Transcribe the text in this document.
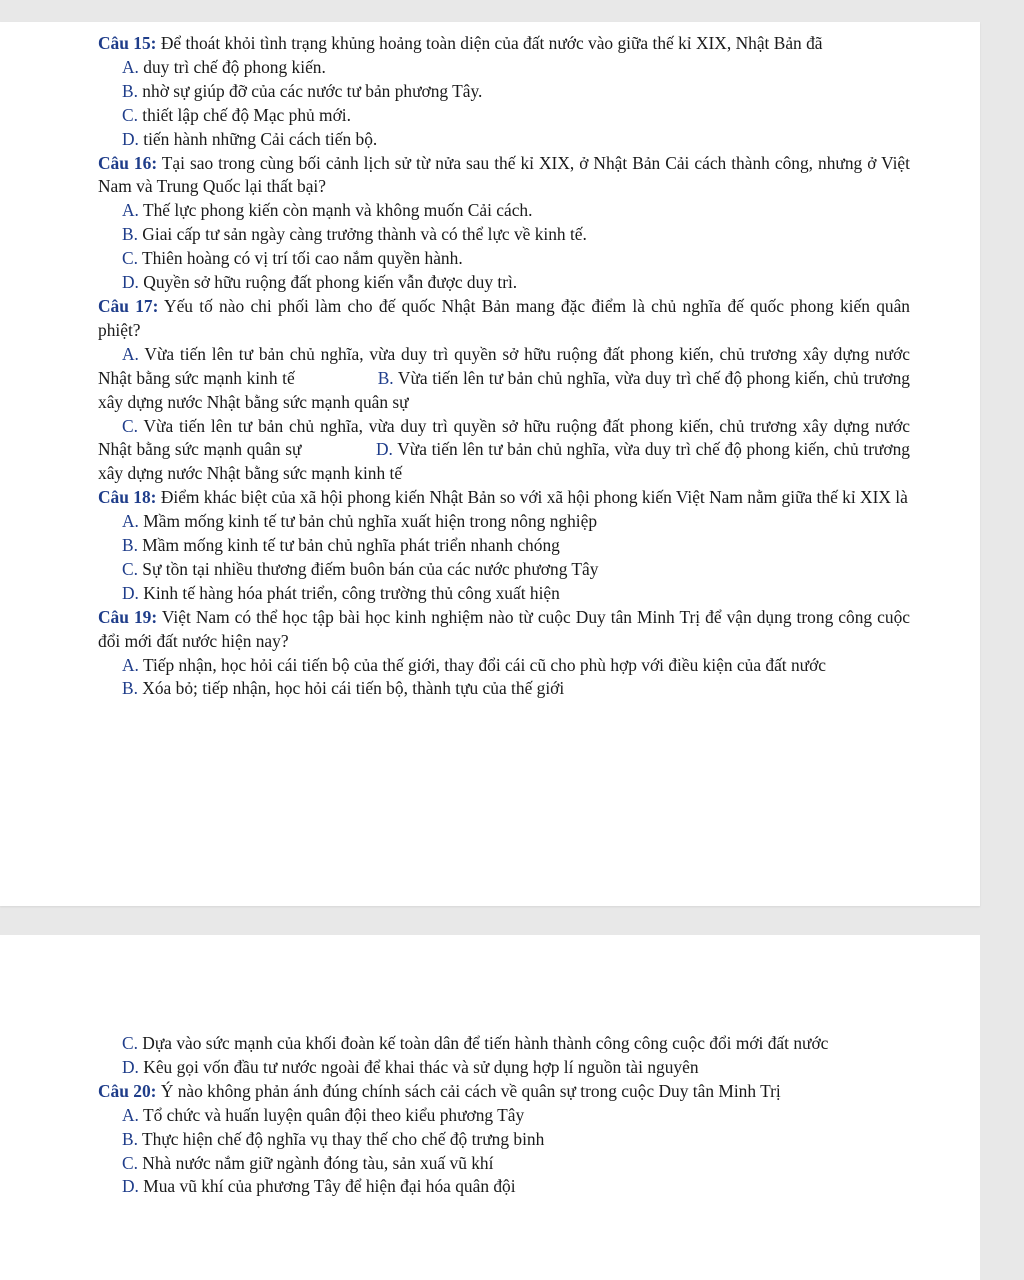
Câu 15: Để thoát khỏi tình trạng khủng hoảng toàn diện của đất nước vào giữa thế kỉ XIX, Nhật Bản đã

A. duy trì chế độ phong kiến.

B. nhờ sự giúp đỡ của các nước tư bản phương Tây.

C. thiết lập chế độ Mạc phủ mới.

D. tiến hành những Cải cách tiến bộ.

Câu 16: Tại sao trong cùng bối cảnh lịch sử từ nửa sau thế kỉ XIX, ở Nhật Bản Cải cách thành công, nhưng ở Việt Nam và Trung Quốc lại thất bại?

A. Thế lực phong kiến còn mạnh và không muốn Cải cách.

B. Giai cấp tư sản ngày càng trưởng thành và có thể lực về kinh tế.

C. Thiên hoàng có vị trí tối cao nắm quyền hành.

D. Quyền sở hữu ruộng đất phong kiến vẫn được duy trì.

Câu 17: Yếu tố nào chi phối làm cho đế quốc Nhật Bản mang đặc điểm là chủ nghĩa đế quốc phong kiến quân phiệt?

A. Vừa tiến lên tư bản chủ nghĩa, vừa duy trì quyền sở hữu ruộng đất phong kiến, chủ trương xây dựng nước Nhật bằng sức mạnh kinh tế	B. Vừa tiến lên tư bản chủ nghĩa, vừa duy trì chế độ phong kiến, chủ trương xây dựng nước Nhật bằng sức mạnh quân sự

C. Vừa tiến lên tư bản chủ nghĩa, vừa duy trì quyền sở hữu ruộng đất phong kiến, chủ trương xây dựng nước Nhật bằng sức mạnh quân sự	D. Vừa tiến lên tư bản chủ nghĩa, vừa duy trì chế độ phong kiến, chủ trương xây dựng nước Nhật bằng sức mạnh kinh tế

Câu 18: Điểm khác biệt của xã hội phong kiến Nhật Bản so với xã hội phong kiến Việt Nam nằm giữa thế kỉ XIX là

A. Mầm mống kinh tế tư bản chủ nghĩa xuất hiện trong nông nghiệp

B. Mầm mống kinh tế tư bản chủ nghĩa phát triển nhanh chóng

C. Sự tồn tại nhiều thương điếm buôn bán của các nước phương Tây

D. Kinh tế hàng hóa phát triển, công trường thủ công xuất hiện

Câu 19: Việt Nam có thể học tập bài học kinh nghiệm nào từ cuộc Duy tân Minh Trị để vận dụng trong công cuộc đổi mới đất nước hiện nay?

A. Tiếp nhận, học hỏi cái tiến bộ của thế giới, thay đổi cái cũ cho phù hợp với điều kiện của đất nước

B. Xóa bỏ; tiếp nhận, học hỏi cái tiến bộ, thành tựu của thế giới

C. Dựa vào sức mạnh của khối đoàn kế toàn dân để tiến hành thành công công cuộc đổi mới đất nước

D. Kêu gọi vốn đầu tư nước ngoài để khai thác và sử dụng hợp lí nguồn tài nguyên

Câu 20: Ý nào không phản ánh đúng chính sách cải cách về quân sự trong cuộc Duy tân Minh Trị

A. Tổ chức và huấn luyện quân đội theo kiểu phương Tây

B. Thực hiện chế độ nghĩa vụ thay thế cho chế độ trưng binh

C. Nhà nước nắm giữ ngành đóng tàu, sản xuấ vũ khí

D. Mua vũ khí của phương Tây để hiện đại hóa quân đội
